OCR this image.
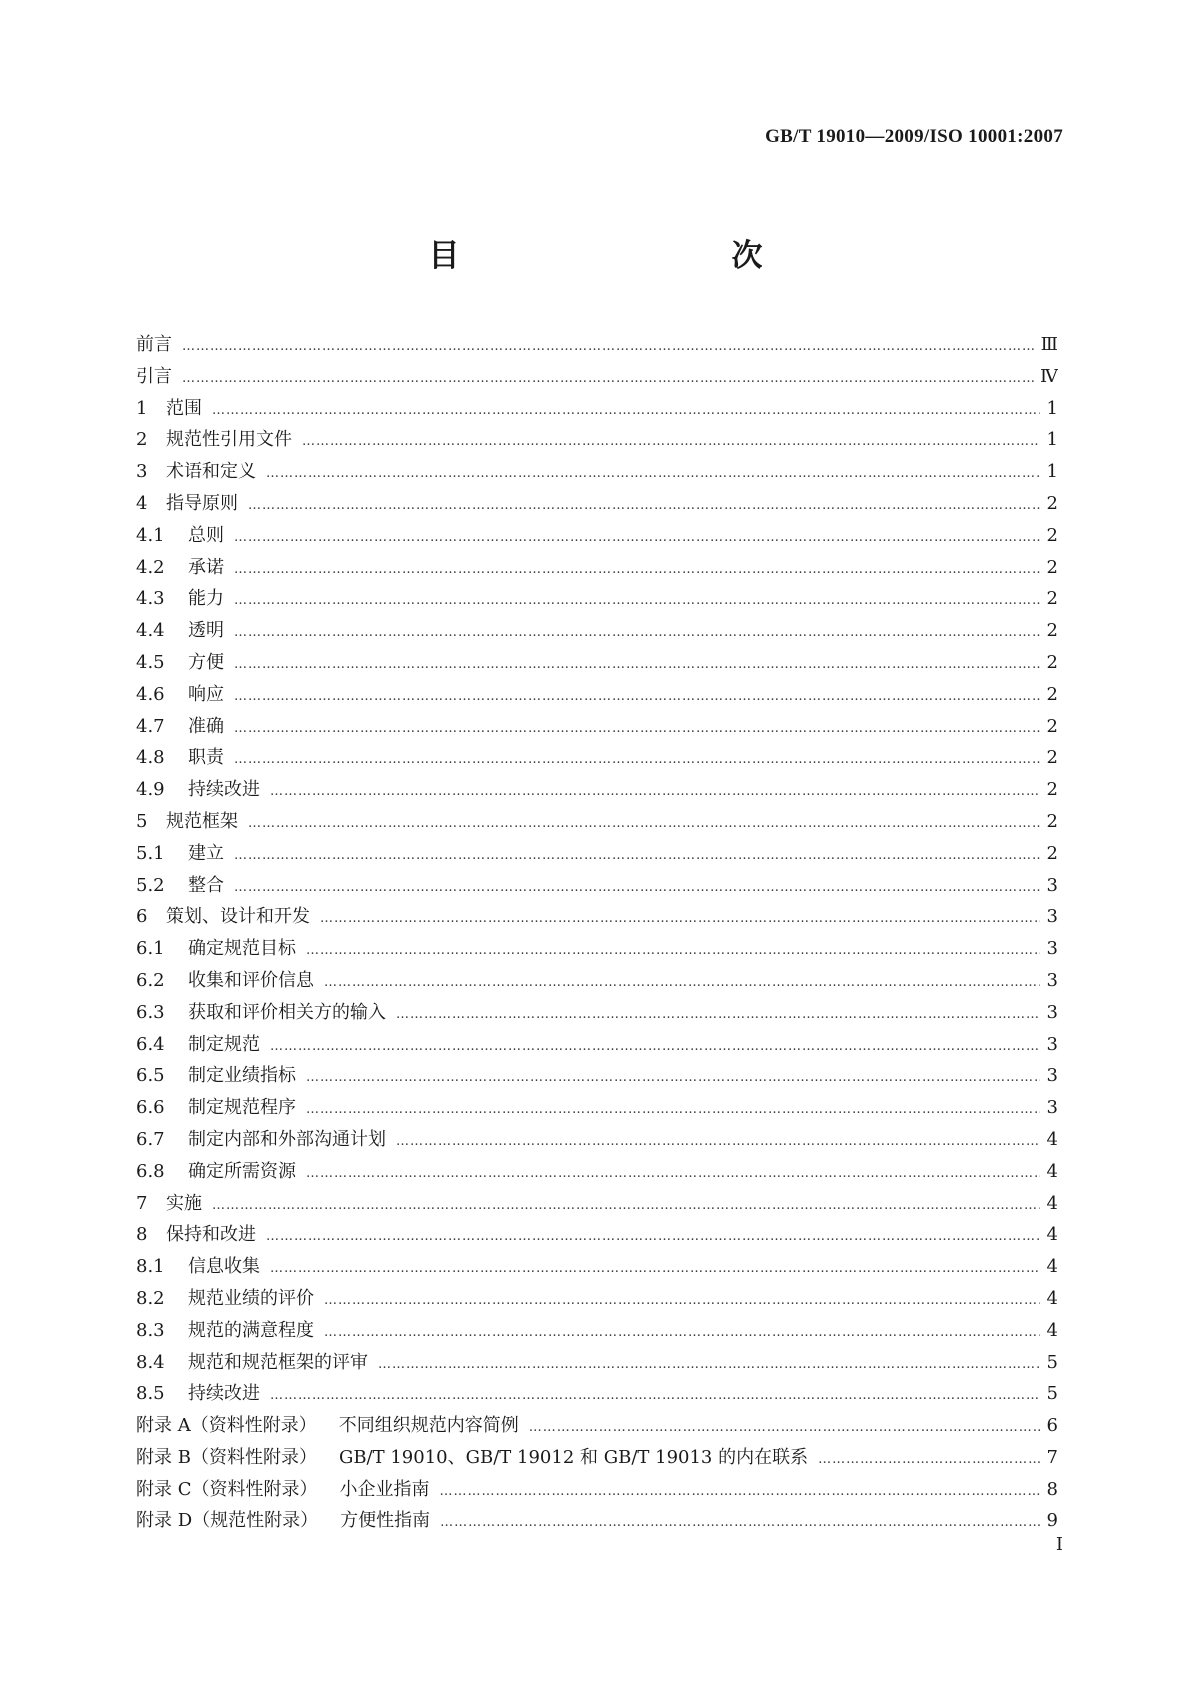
GB/T 19010—2009/ISO 10001:2007
目　　次
前言 ……………………………………………………………………………………………………………………………………………………………………………………………………………………………………	Ⅲ
引言 ……………………………………………………………………………………………………………………………………………………………………………………………………………………………………	Ⅳ
1 范围 ……………………………………………………………………………………………………………………………………………………………………………………………………………………………………	1
2 规范性引用文件 ……………………………………………………………………………………………………………………………………………………………………………………………………………………………………	1
3 术语和定义 ……………………………………………………………………………………………………………………………………………………………………………………………………………………………………	1
4 指导原则 ……………………………………………………………………………………………………………………………………………………………………………………………………………………………………	2
4.1 总则 ……………………………………………………………………………………………………………………………………………………………………………………………………………………………………	2
4.2 承诺 ……………………………………………………………………………………………………………………………………………………………………………………………………………………………………	2
4.3 能力 ……………………………………………………………………………………………………………………………………………………………………………………………………………………………………	2
4.4 透明 ……………………………………………………………………………………………………………………………………………………………………………………………………………………………………	2
4.5 方便 ……………………………………………………………………………………………………………………………………………………………………………………………………………………………………	2
4.6 响应 ……………………………………………………………………………………………………………………………………………………………………………………………………………………………………	2
4.7 准确 ……………………………………………………………………………………………………………………………………………………………………………………………………………………………………	2
4.8 职责 ……………………………………………………………………………………………………………………………………………………………………………………………………………………………………	2
4.9 持续改进 ……………………………………………………………………………………………………………………………………………………………………………………………………………………………………	2
5 规范框架 ……………………………………………………………………………………………………………………………………………………………………………………………………………………………………	2
5.1 建立 ……………………………………………………………………………………………………………………………………………………………………………………………………………………………………	2
5.2 整合 ……………………………………………………………………………………………………………………………………………………………………………………………………………………………………	3
6 策划、设计和开发 ……………………………………………………………………………………………………………………………………………………………………………………………………………………………………	3
6.1 确定规范目标 ……………………………………………………………………………………………………………………………………………………………………………………………………………………………………	3
6.2 收集和评价信息 ……………………………………………………………………………………………………………………………………………………………………………………………………………………………………	3
6.3 获取和评价相关方的输入 ……………………………………………………………………………………………………………………………………………………………………………………………………………………………………	3
6.4 制定规范 ……………………………………………………………………………………………………………………………………………………………………………………………………………………………………	3
6.5 制定业绩指标 ……………………………………………………………………………………………………………………………………………………………………………………………………………………………………	3
6.6 制定规范程序 ……………………………………………………………………………………………………………………………………………………………………………………………………………………………………	3
6.7 制定内部和外部沟通计划 ……………………………………………………………………………………………………………………………………………………………………………………………………………………………………	4
6.8 确定所需资源 ……………………………………………………………………………………………………………………………………………………………………………………………………………………………………	4
7 实施 ……………………………………………………………………………………………………………………………………………………………………………………………………………………………………	4
8 保持和改进 ……………………………………………………………………………………………………………………………………………………………………………………………………………………………………	4
8.1 信息收集 ……………………………………………………………………………………………………………………………………………………………………………………………………………………………………	4
8.2 规范业绩的评价 ……………………………………………………………………………………………………………………………………………………………………………………………………………………………………	4
8.3 规范的满意程度 ……………………………………………………………………………………………………………………………………………………………………………………………………………………………………	4
8.4 规范和规范框架的评审 ……………………………………………………………………………………………………………………………………………………………………………………………………………………………………	5
8.5 持续改进 ……………………………………………………………………………………………………………………………………………………………………………………………………………………………………	5
附录 A（资料性附录） 不同组织规范内容简例 ……………………………………………………………………………………………………………………………………………………………………………………………………………………………………	6
附录 B（资料性附录） GB/T 19010、GB/T 19012 和 GB/T 19013 的内在联系 ……………………………………………………………………………………………………………………………………………………………………………………………………………………………………	7
附录 C（资料性附录） 小企业指南 ……………………………………………………………………………………………………………………………………………………………………………………………………………………………………	8
附录 D（规范性附录） 方便性指南 ……………………………………………………………………………………………………………………………………………………………………………………………………………………………………	9
Ⅰ
